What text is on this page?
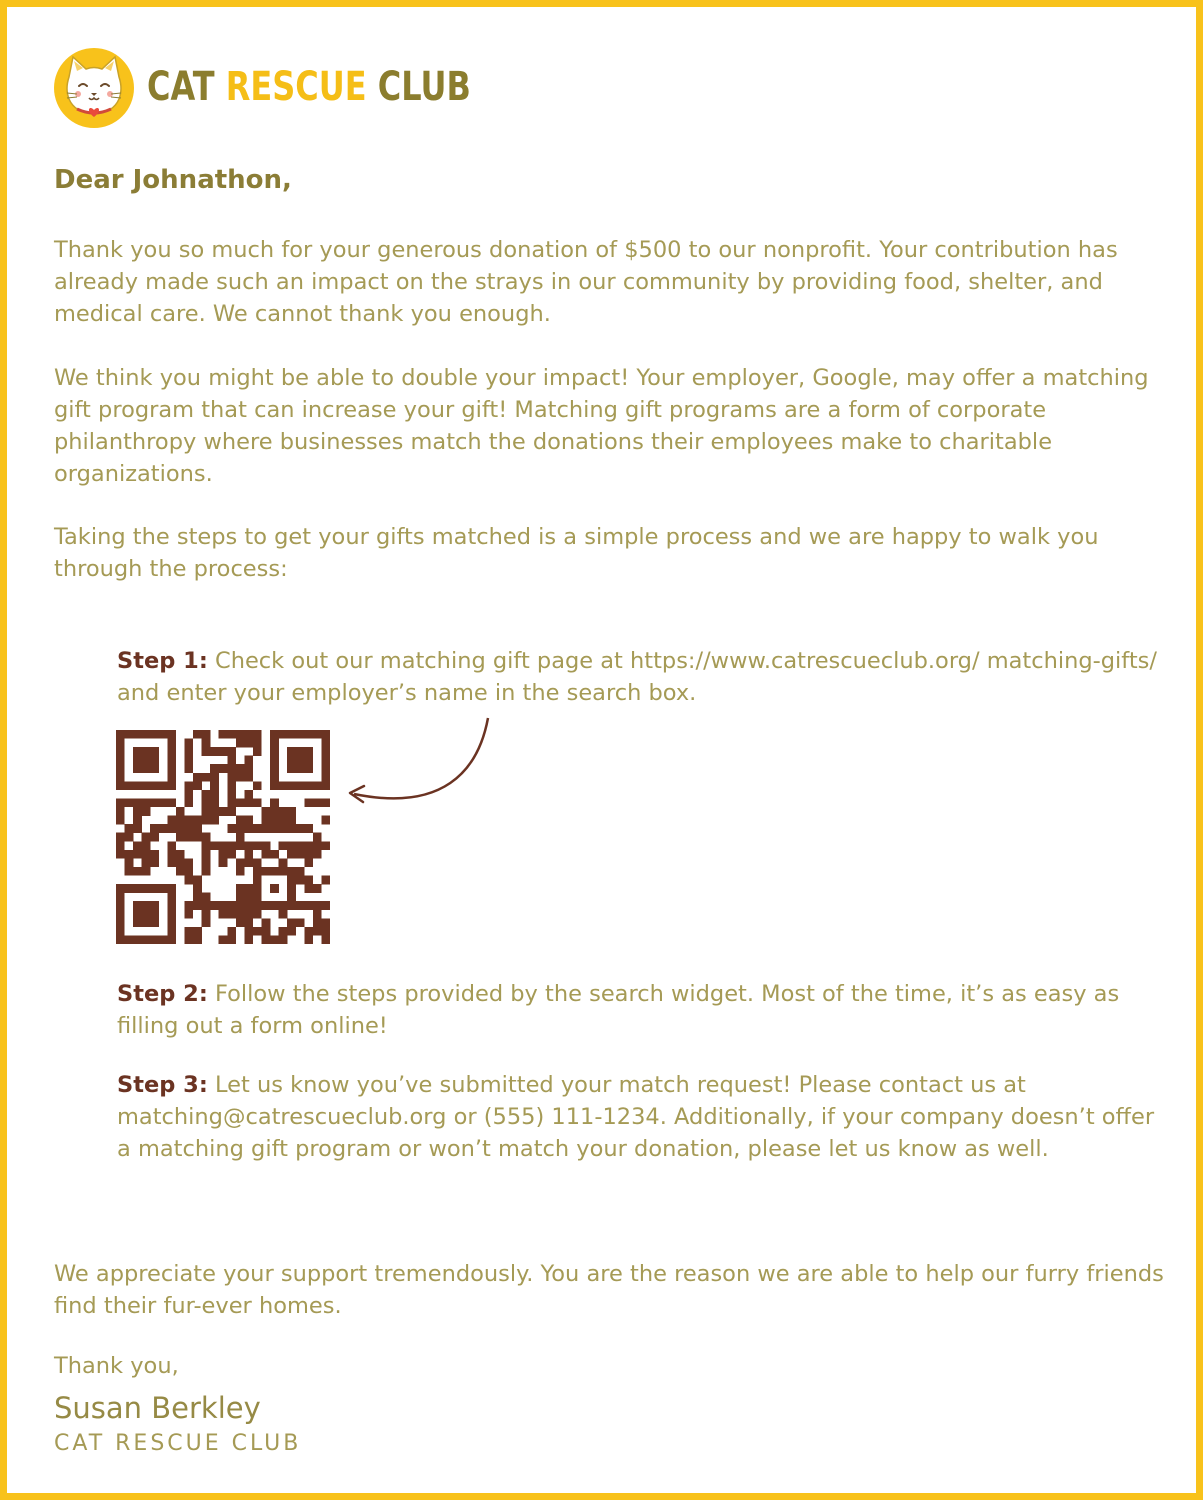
CAT RESCUE CLUB
Dear Johnathon,

Thank you so much for your generous donation of $500 to our nonprofit. Your contribution has already made such an impact on the strays in our community by providing food, shelter, and medical care. We cannot thank you enough.

We think you might be able to double your impact! Your employer, Google, may offer a matching gift program that can increase your gift! Matching gift programs are a form of corporate philanthropy where businesses match the donations their employees make to charitable organizations.

Taking the steps to get your gifts matched is a simple process and we are happy to walk you through the process:

Step 1: Check out our matching gift page at https://www.catrescueclub.org/ matching-gifts/ and enter your employer’s name in the search box.

Step 2: Follow the steps provided by the search widget. Most of the time, it’s as easy as filling out a form online!

Step 3: Let us know you’ve submitted your match request! Please contact us at matching@catrescueclub.org or (555) 111-1234. Additionally, if your company doesn’t offer a matching gift program or won’t match your donation, please let us know as well.

We appreciate your support tremendously. You are the reason we are able to help our furry friends find their fur-ever homes.

Thank you,
Susan Berkley
CAT RESCUE CLUB
